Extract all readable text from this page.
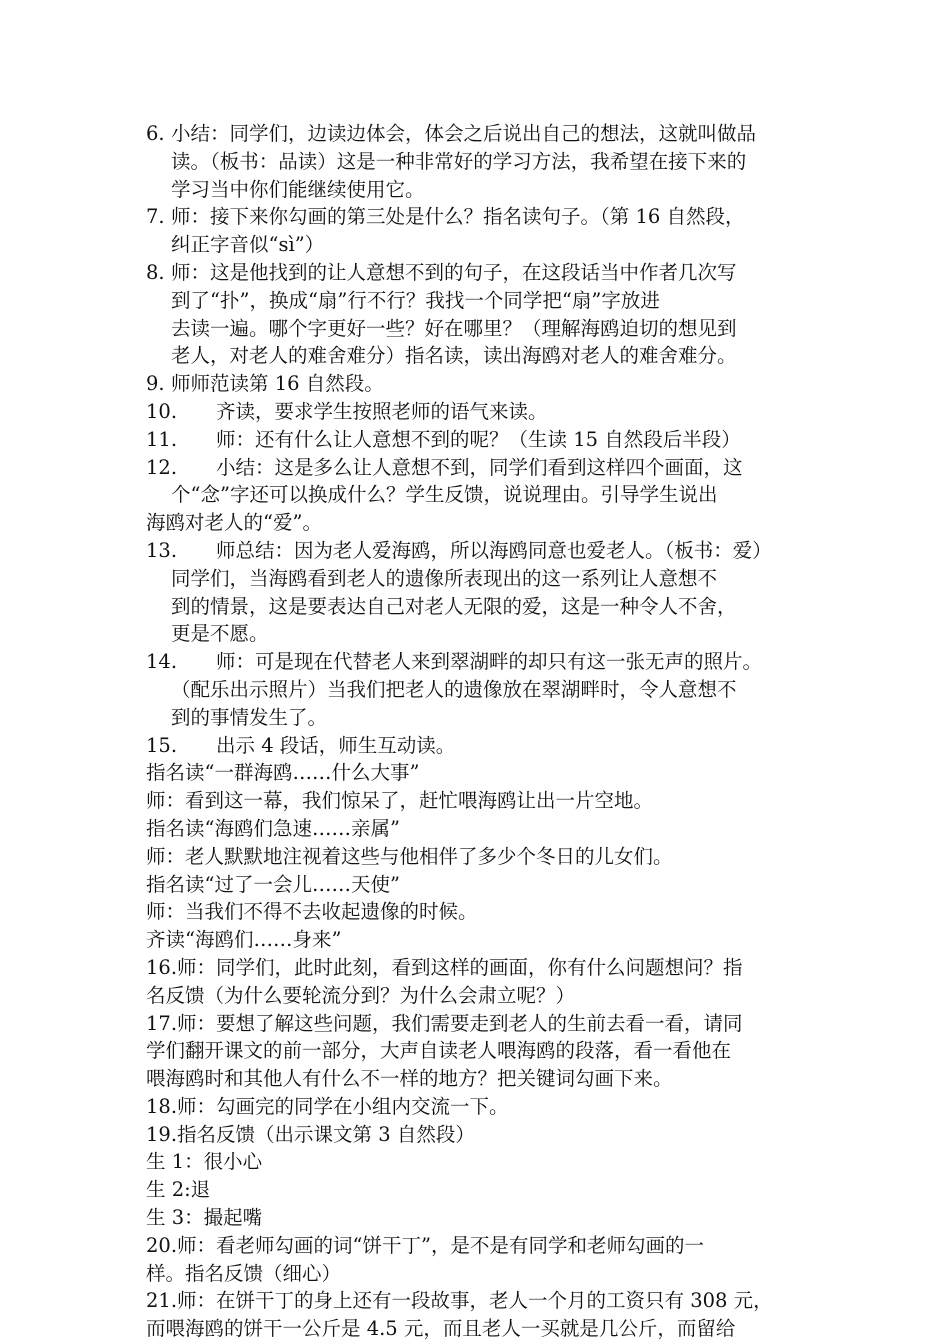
6. 小结：同学们，边读边体会，体会之后说出自己的想法，这就叫做品
读。（板书：品读）这是一种非常好的学习方法，我希望在接下来的
学习当中你们能继续使用它。
7. 师：接下来你勾画的第三处是什么？指名读句子。（第 16 自然段，
纠正字音似“sì”）
8. 师：这是他找到的让人意想不到的句子，在这段话当中作者几次写
到了“扑”，换成“扇”行不行？我找一个同学把“扇”字放进
去读一遍。哪个字更好一些？好在哪里？（理解海鸥迫切的想见到
老人，对老人的难舍难分）指名读，读出海鸥对老人的难舍难分。
9. 师师范读第 16 自然段。
10.	齐读，要求学生按照老师的语气来读。
11.	师：还有什么让人意想不到的呢？（生读 15 自然段后半段）
12.	小结：这是多么让人意想不到，同学们看到这样四个画面，这
个“念”字还可以换成什么？学生反馈，说说理由。引导学生说出
海鸥对老人的“爱”。
13.	师总结：因为老人爱海鸥，所以海鸥同意也爱老人。（板书：爱）
同学们，当海鸥看到老人的遗像所表现出的这一系列让人意想不
到的情景，这是要表达自己对老人无限的爱，这是一种令人不舍，
更是不愿。
14.	师：可是现在代替老人来到翠湖畔的却只有这一张无声的照片。
（配乐出示照片）当我们把老人的遗像放在翠湖畔时，令人意想不
到的事情发生了。
15.	出示 4 段话，师生互动读。
指名读“一群海鸥……什么大事”
师：看到这一幕，我们惊呆了，赶忙喂海鸥让出一片空地。
指名读“海鸥们急速……亲属”
师：老人默默地注视着这些与他相伴了多少个冬日的儿女们。
指名读“过了一会儿……天使”
师：当我们不得不去收起遗像的时候。
齐读“海鸥们……身来”
16.师：同学们，此时此刻，看到这样的画面，你有什么问题想问？指
名反馈（为什么要轮流分到？为什么会肃立呢？）
17.师：要想了解这些问题，我们需要走到老人的生前去看一看，请同
学们翻开课文的前一部分，大声自读老人喂海鸥的段落，看一看他在
喂海鸥时和其他人有什么不一样的地方？把关键词勾画下来。
18.师：勾画完的同学在小组内交流一下。
19.指名反馈（出示课文第 3 自然段）
生 1：很小心
生 2:退
生 3：撮起嘴
20.师：看老师勾画的词“饼干丁”，是不是有同学和老师勾画的一
样。指名反馈（细心）
21.师：在饼干丁的身上还有一段故事，老人一个月的工资只有 308 元，
而喂海鸥的饼干一公斤是 4.5 元，而且老人一买就是几公斤，而留给
